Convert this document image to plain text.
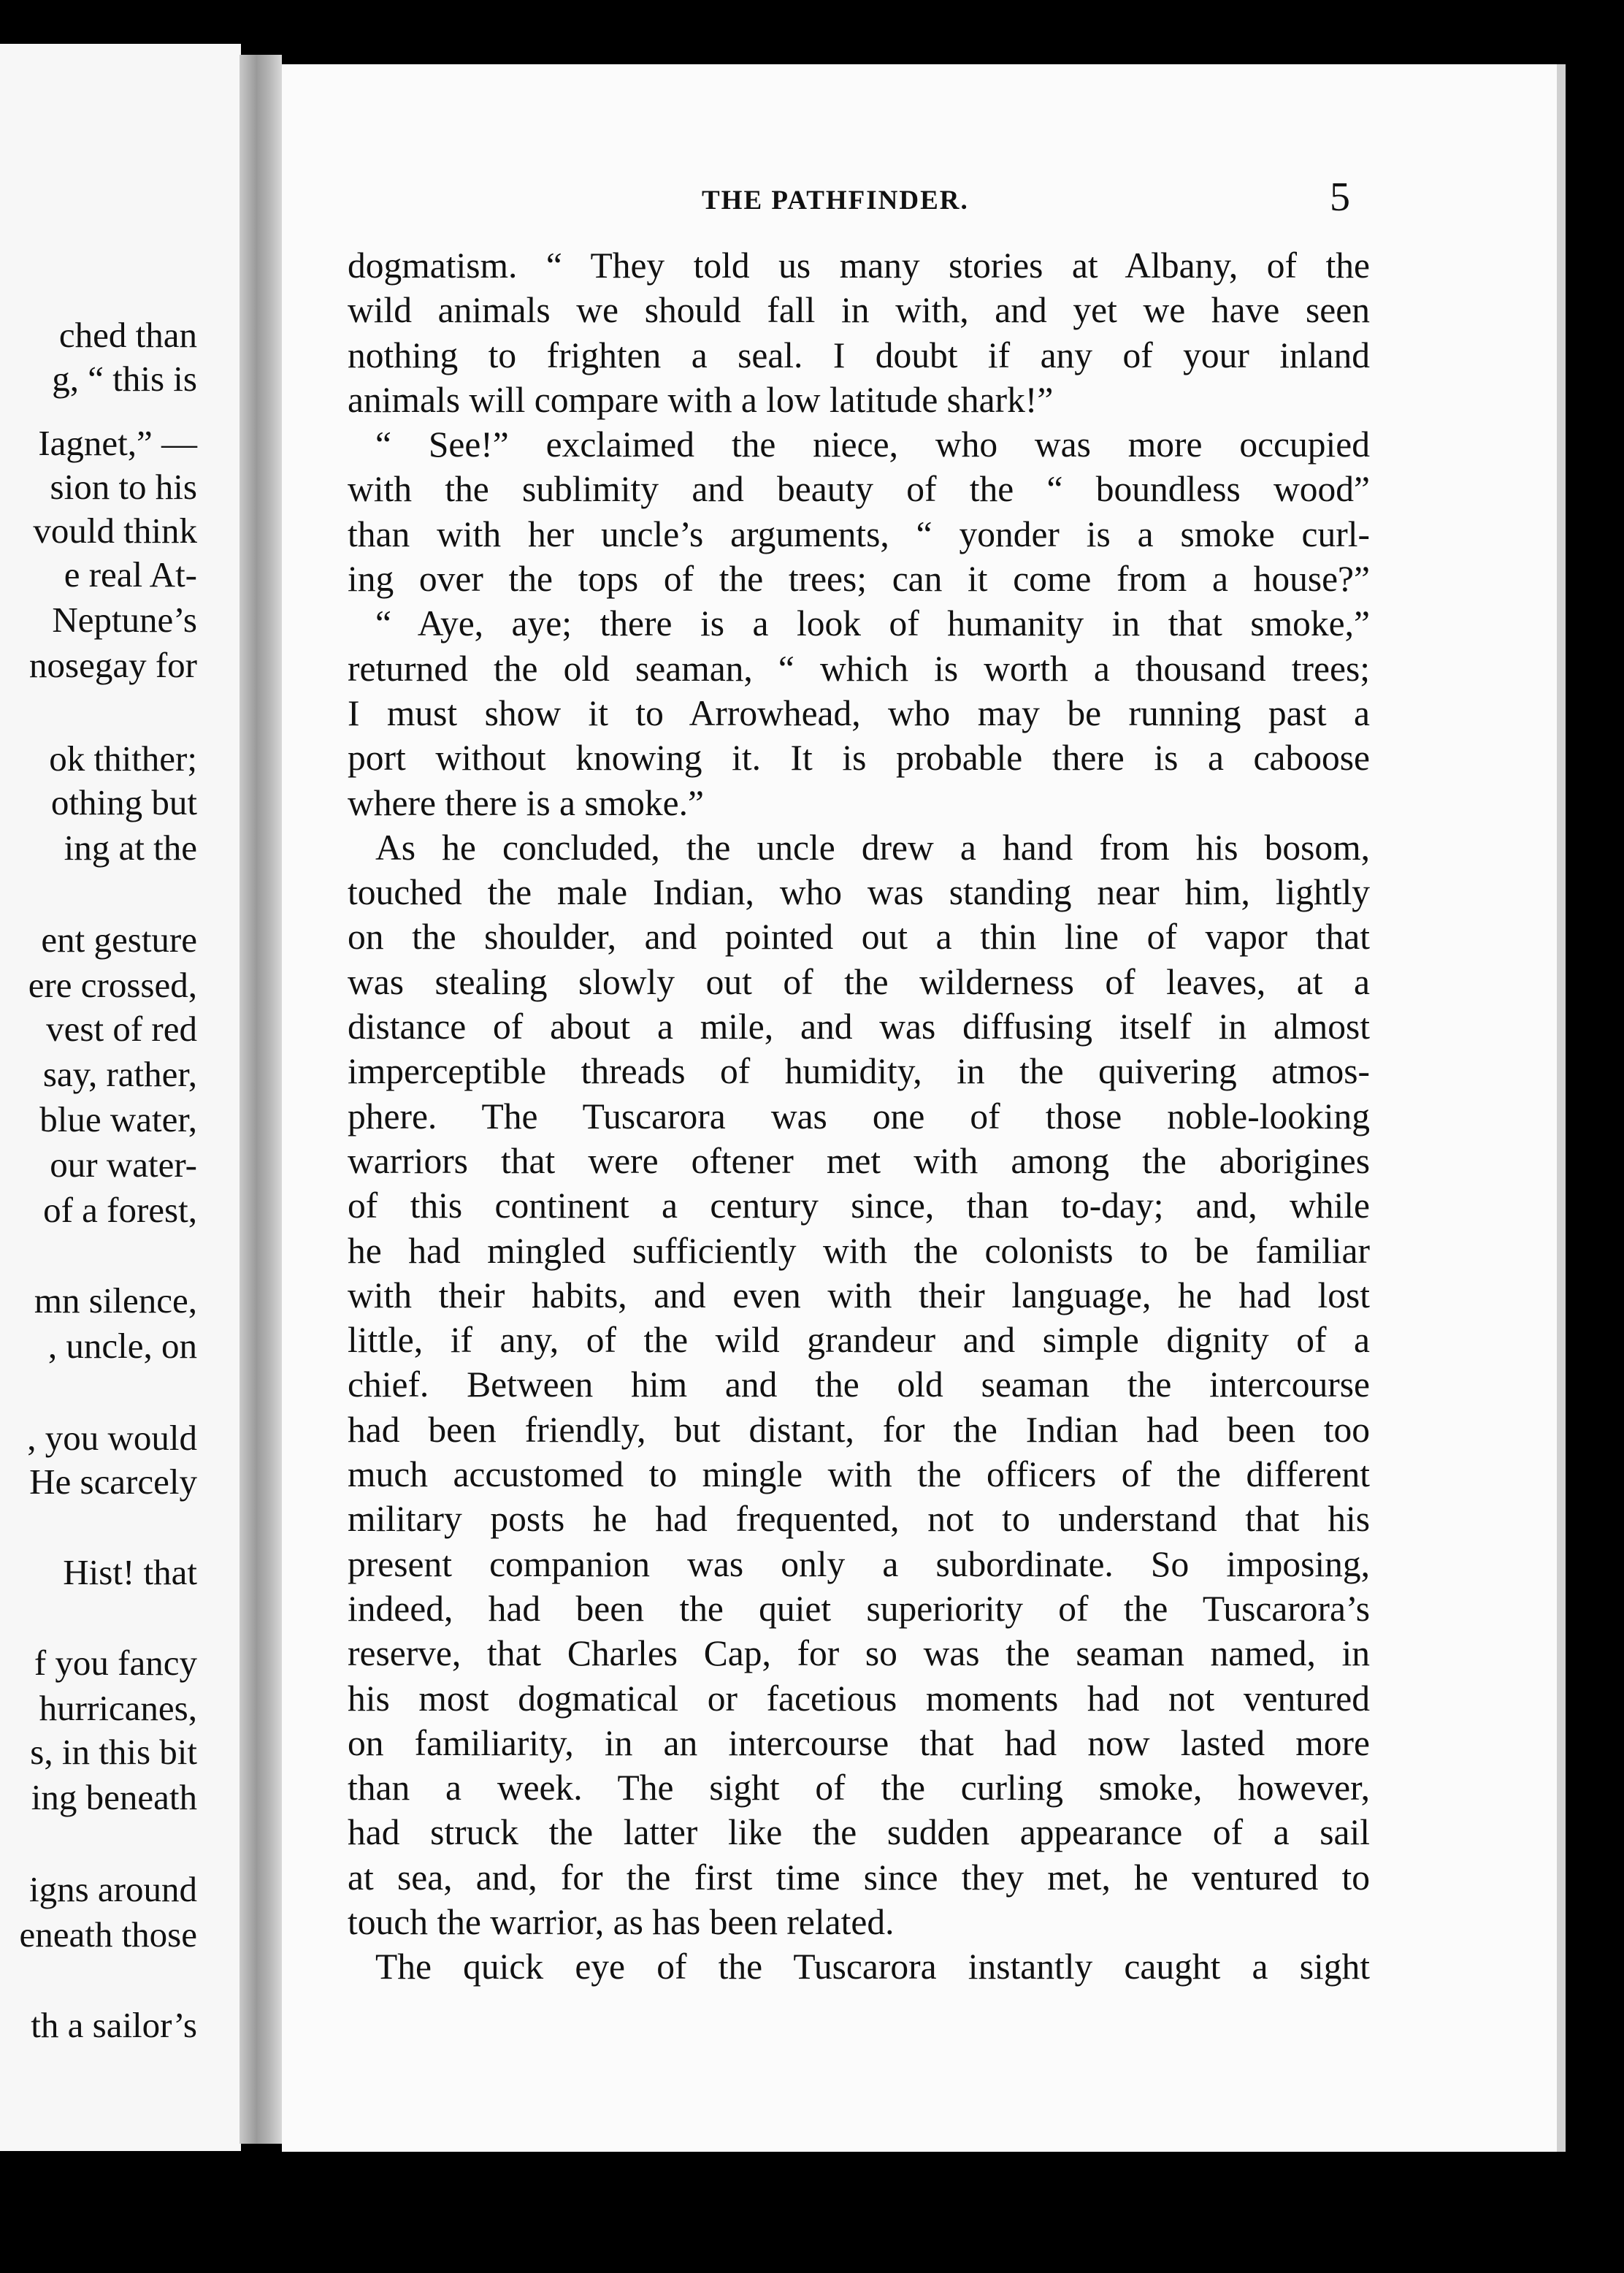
ched than
g, “ this is
Iagnet,” —
sion to his
vould think
e real At-
Neptune’s
nosegay for
ok thither;
othing but
ing at the
ent gesture
ere crossed,
vest of red
say, rather,
blue water,
our water-
of a forest,
mn silence,
, uncle, on
, you would
He scarcely
Hist! that
f you fancy
hurricanes,
s, in this bit
ing beneath
igns around
eneath those
th a sailor’s
THE PATHFINDER.	5
dogmatism. “ They told us many stories at Albany, of the
wild animals we should fall in with, and yet we have seen
nothing to frighten a seal. I doubt if any of your inland
animals will compare with a low latitude shark!”
“ See!” exclaimed the niece, who was more occupied
with the sublimity and beauty of the “ boundless wood”
than with her uncle’s arguments, “ yonder is a smoke curl-
ing over the tops of the trees; can it come from a house?”
“ Aye, aye; there is a look of humanity in that smoke,”
returned the old seaman, “ which is worth a thousand trees;
I must show it to Arrowhead, who may be running past a
port without knowing it. It is probable there is a caboose
where there is a smoke.”
As he concluded, the uncle drew a hand from his bosom,
touched the male Indian, who was standing near him, lightly
on the shoulder, and pointed out a thin line of vapor that
was stealing slowly out of the wilderness of leaves, at a
distance of about a mile, and was diffusing itself in almost
imperceptible threads of humidity, in the quivering atmos-
phere. The Tuscarora was one of those noble-looking
warriors that were oftener met with among the aborigines
of this continent a century since, than to-day; and, while
he had mingled sufficiently with the colonists to be familiar
with their habits, and even with their language, he had lost
little, if any, of the wild grandeur and simple dignity of a
chief. Between him and the old seaman the intercourse
had been friendly, but distant, for the Indian had been too
much accustomed to mingle with the officers of the different
military posts he had frequented, not to understand that his
present companion was only a subordinate. So imposing,
indeed, had been the quiet superiority of the Tuscarora’s
reserve, that Charles Cap, for so was the seaman named, in
his most dogmatical or facetious moments had not ventured
on familiarity, in an intercourse that had now lasted more
than a week. The sight of the curling smoke, however,
had struck the latter like the sudden appearance of a sail
at sea, and, for the first time since they met, he ventured to
touch the warrior, as has been related.
The quick eye of the Tuscarora instantly caught a sight
